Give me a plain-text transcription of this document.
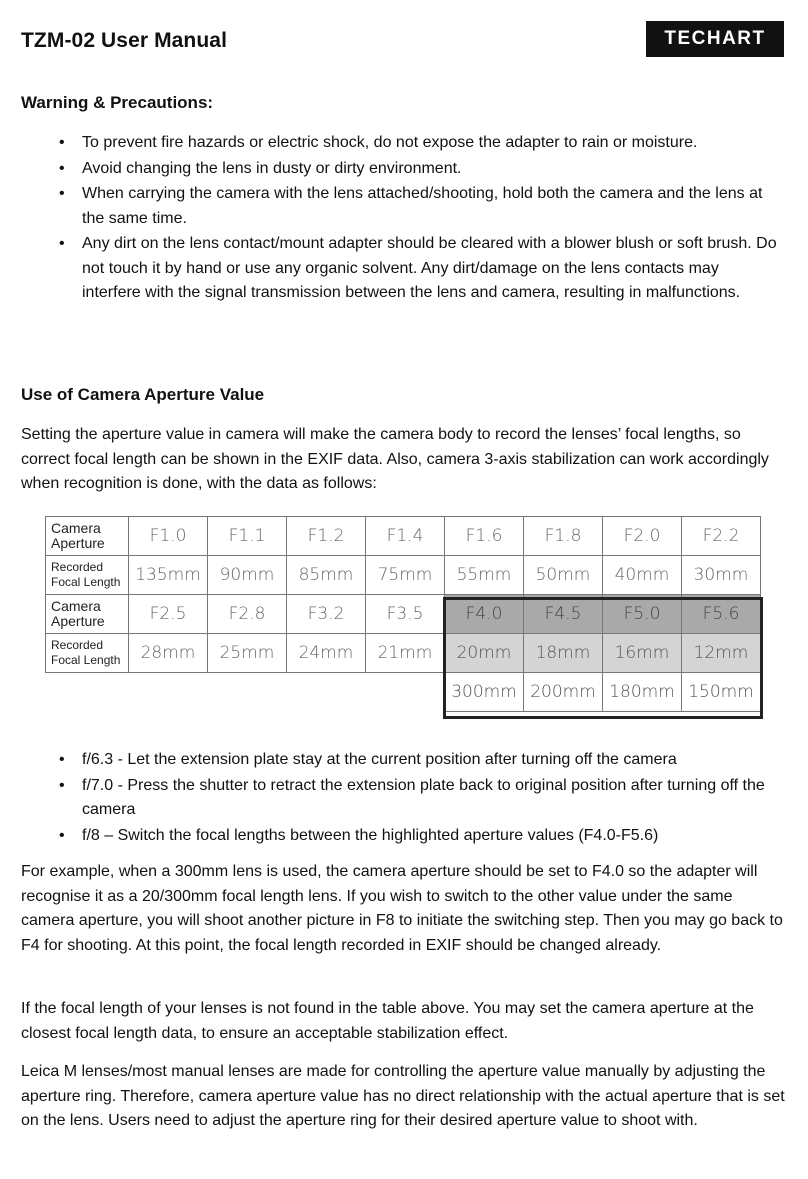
TZM-02 User Manual	TECHART
Warning & Precautions:
• To prevent fire hazards or electric shock, do not expose the adapter to rain or moisture.
• Avoid changing the lens in dusty or dirty environment.
• When carrying the camera with the lens attached/shooting, hold both the camera and the lens at the same time.
• Any dirt on the lens contact/mount adapter should be cleared with a blower blush or soft brush. Do not touch it by hand or use any organic solvent. Any dirt/damage on the lens contacts may interfere with the signal transmission between the lens and camera, resulting in malfunctions.
Use of Camera Aperture Value

Setting the aperture value in camera will make the camera body to record the lenses’ focal lengths, so correct focal length can be shown in the EXIF data. Also, camera 3-axis stabilization can work accordingly when recognition is done, with the data as follows:

Camera Aperture	F1.0	F1.1	F1.2	F1.4	F1.6	F1.8	F2.0	F2.2
Recorded Focal Length	135mm	90mm	85mm	75mm	55mm	50mm	40mm	30mm
Camera Aperture	F2.5	F2.8	F3.2	F3.5	F4.0	F4.5	F5.0	F5.6
Recorded Focal Length	28mm	25mm	24mm	21mm	20mm	18mm	16mm	12mm
					300mm	200mm	180mm	150mm
• f/6.3 - Let the extension plate stay at the current position after turning off the camera
• f/7.0 - Press the shutter to retract the extension plate back to original position after turning off the camera
• f/8 – Switch the focal lengths between the highlighted aperture values (F4.0-F5.6)

For example, when a 300mm lens is used, the camera aperture should be set to F4.0 so the adapter will recognise it as a 20/300mm focal length lens. If you wish to switch to the other value under the same camera aperture, you will shoot another picture in F8 to initiate the switching step. Then you may go back to F4 for shooting. At this point, the focal length recorded in EXIF should be changed already.

If the focal length of your lenses is not found in the table above. You may set the camera aperture at the closest focal length data, to ensure an acceptable stabilization effect.

Leica M lenses/most manual lenses are made for controlling the aperture value manually by adjusting the aperture ring. Therefore, camera aperture value has no direct relationship with the actual aperture that is set on the lens. Users need to adjust the aperture ring for their desired aperture value to shoot with.
